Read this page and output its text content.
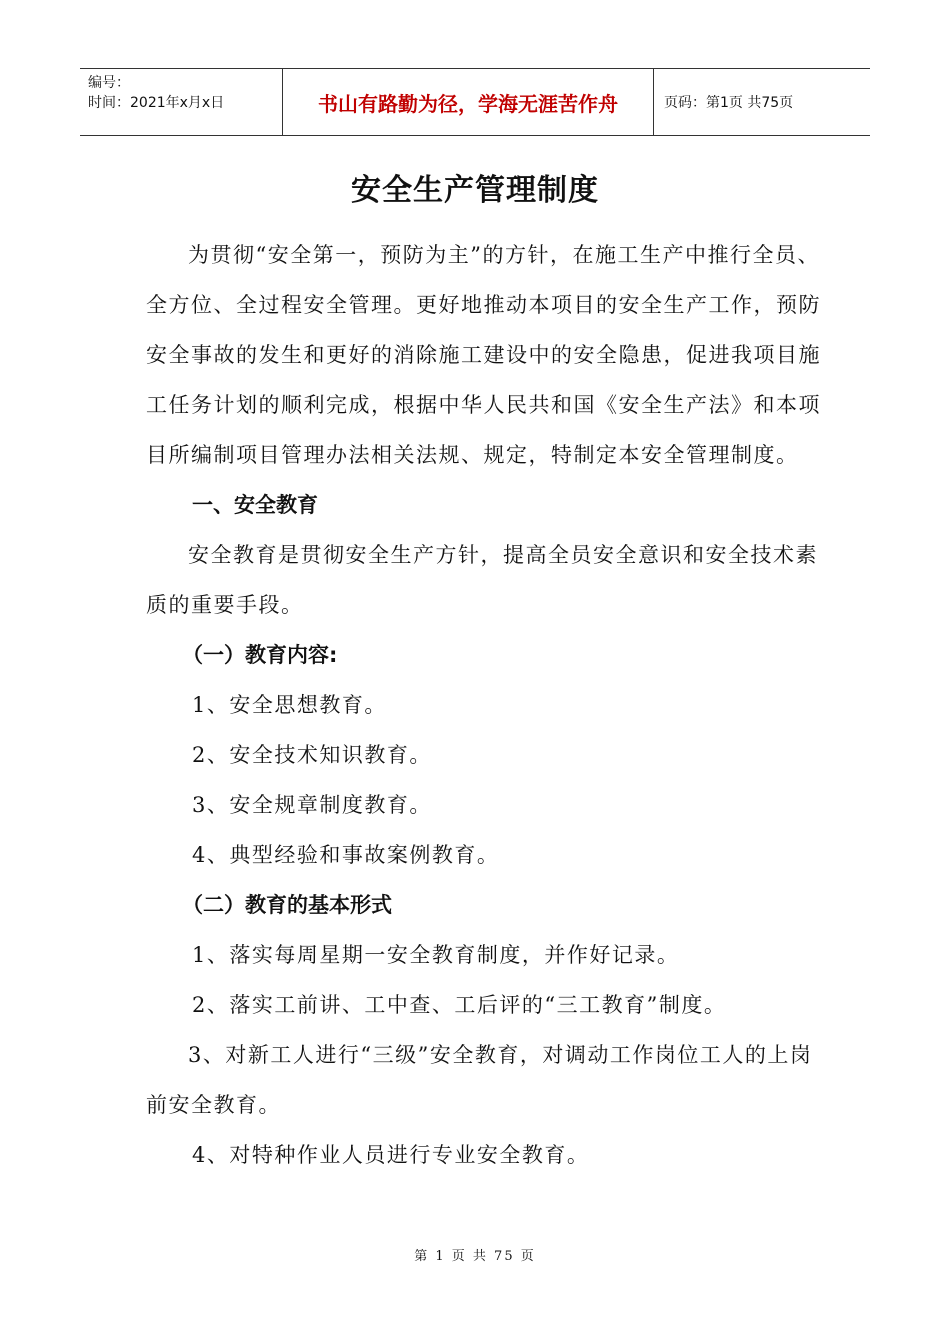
编号：
时间：2021年x月x日	书山有路勤为径，学海无涯苦作舟	页码：第1页 共75页
安全生产管理制度

为贯彻“安全第一，预防为主”的方针，在施工生产中推行全员、全方位、全过程安全管理。更好地推动本项目的安全生产工作，预防安全事故的发生和更好的消除施工建设中的安全隐患，促进我项目施工任务计划的顺利完成，根据中华人民共和国《安全生产法》和本项目所编制项目管理办法相关法规、规定，特制定本安全管理制度。

一、安全教育

安全教育是贯彻安全生产方针，提高全员安全意识和安全技术素质的重要手段。

（一）教育内容:

1、安全思想教育。

2、安全技术知识教育。

3、安全规章制度教育。

4、典型经验和事故案例教育。

（二）教育的基本形式

1、落实每周星期一安全教育制度，并作好记录。

2、落实工前讲、工中查、工后评的“三工教育”制度。

3、对新工人进行“三级”安全教育，对调动工作岗位工人的上岗前安全教育。

4、对特种作业人员进行专业安全教育。

第 1 页 共 75 页
